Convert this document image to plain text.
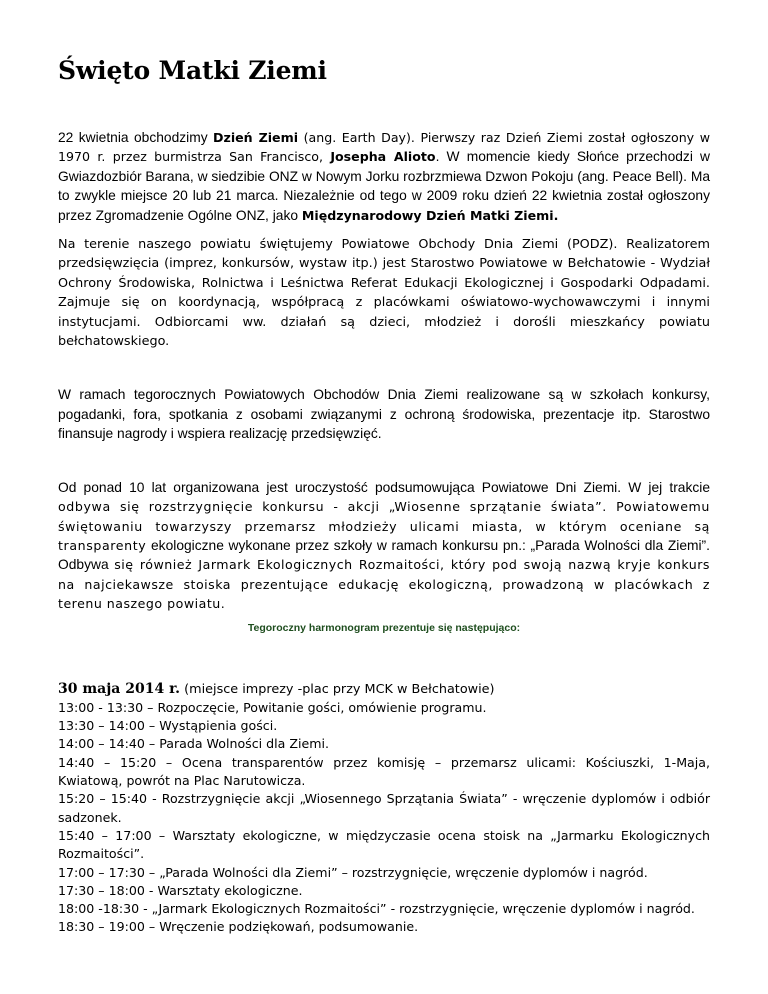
Święto Matki Ziemi

22 kwietnia obchodzimy Dzień Ziemi (ang. Earth Day). Pierwszy raz Dzień Ziemi został ogłoszony w 1970 r. przez burmistrza San Francisco, Josepha Alioto. W momencie kiedy Słońce przechodzi w Gwiazdozbiór Barana, w siedzibie ONZ w Nowym Jorku rozbrzmiewa Dzwon Pokoju (ang. Peace Bell). Ma to zwykle miejsce 20 lub 21 marca. Niezależnie od tego w 2009 roku dzień 22 kwietnia został ogłoszony przez Zgromadzenie Ogólne ONZ, jako Międzynarodowy Dzień Matki Ziemi.

Na terenie naszego powiatu świętujemy Powiatowe Obchody Dnia Ziemi (PODZ). Realizatorem przedsięwzięcia (imprez, konkursów, wystaw itp.) jest Starostwo Powiatowe w Bełchatowie - Wydział Ochrony Środowiska, Rolnictwa i Leśnictwa Referat Edukacji Ekologicznej i Gospodarki Odpadami. Zajmuje się on koordynacją, współpracą z placówkami oświatowo-wychowawczymi i innymi instytucjami. Odbiorcami ww. działań są dzieci, młodzież i dorośli mieszkańcy powiatu bełchatowskiego.

W ramach tegorocznych Powiatowych Obchodów Dnia Ziemi realizowane są w szkołach konkursy, pogadanki, fora, spotkania z osobami związanymi z ochroną środowiska, prezentacje itp. Starostwo finansuje nagrody i wspiera realizację przedsięwzięć.

Od ponad 10 lat organizowana jest uroczystość podsumowująca Powiatowe Dni Ziemi. W jej trakcie odbywa się rozstrzygnięcie konkursu - akcji „Wiosenne sprzątanie świata”. Powiatowemu świętowaniu towarzyszy przemarsz młodzieży ulicami miasta, w którym oceniane są transparenty ekologiczne wykonane przez szkoły w ramach konkursu pn.: „Parada Wolności dla Ziemi”. Odbywa się również Jarmark Ekologicznych Rozmaitości, który pod swoją nazwą kryje konkurs na najciekawsze stoiska prezentujące edukację ekologiczną, prowadzoną w placówkach z terenu naszego powiatu.

Tegoroczny harmonogram prezentuje się następująco:
30 maja 2014 r. (miejsce imprezy -plac przy MCK w Bełchatowie)
13:00 - 13:30 – Rozpoczęcie, Powitanie gości, omówienie programu.
13:30 – 14:00 – Wystąpienia gości.
14:00 – 14:40 – Parada Wolności dla Ziemi.
14:40 – 15:20 – Ocena transparentów przez komisję – przemarsz ulicami: Kościuszki, 1-Maja, Kwiatową, powrót na Plac Narutowicza.
15:20 – 15:40 - Rozstrzygnięcie akcji „Wiosennego Sprzątania Świata” - wręczenie dyplomów i odbiór sadzonek.
15:40 – 17:00 – Warsztaty ekologiczne, w międzyczasie ocena stoisk na „Jarmarku Ekologicznych Rozmaitości”.
17:00 – 17:30 – „Parada Wolności dla Ziemi” – rozstrzygnięcie, wręczenie dyplomów i nagród.
17:30 – 18:00 - Warsztaty ekologiczne.
18:00 -18:30 - „Jarmark Ekologicznych Rozmaitości” - rozstrzygnięcie, wręczenie dyplomów i nagród.
18:30 – 19:00 – Wręczenie podziękowań, podsumowanie.
